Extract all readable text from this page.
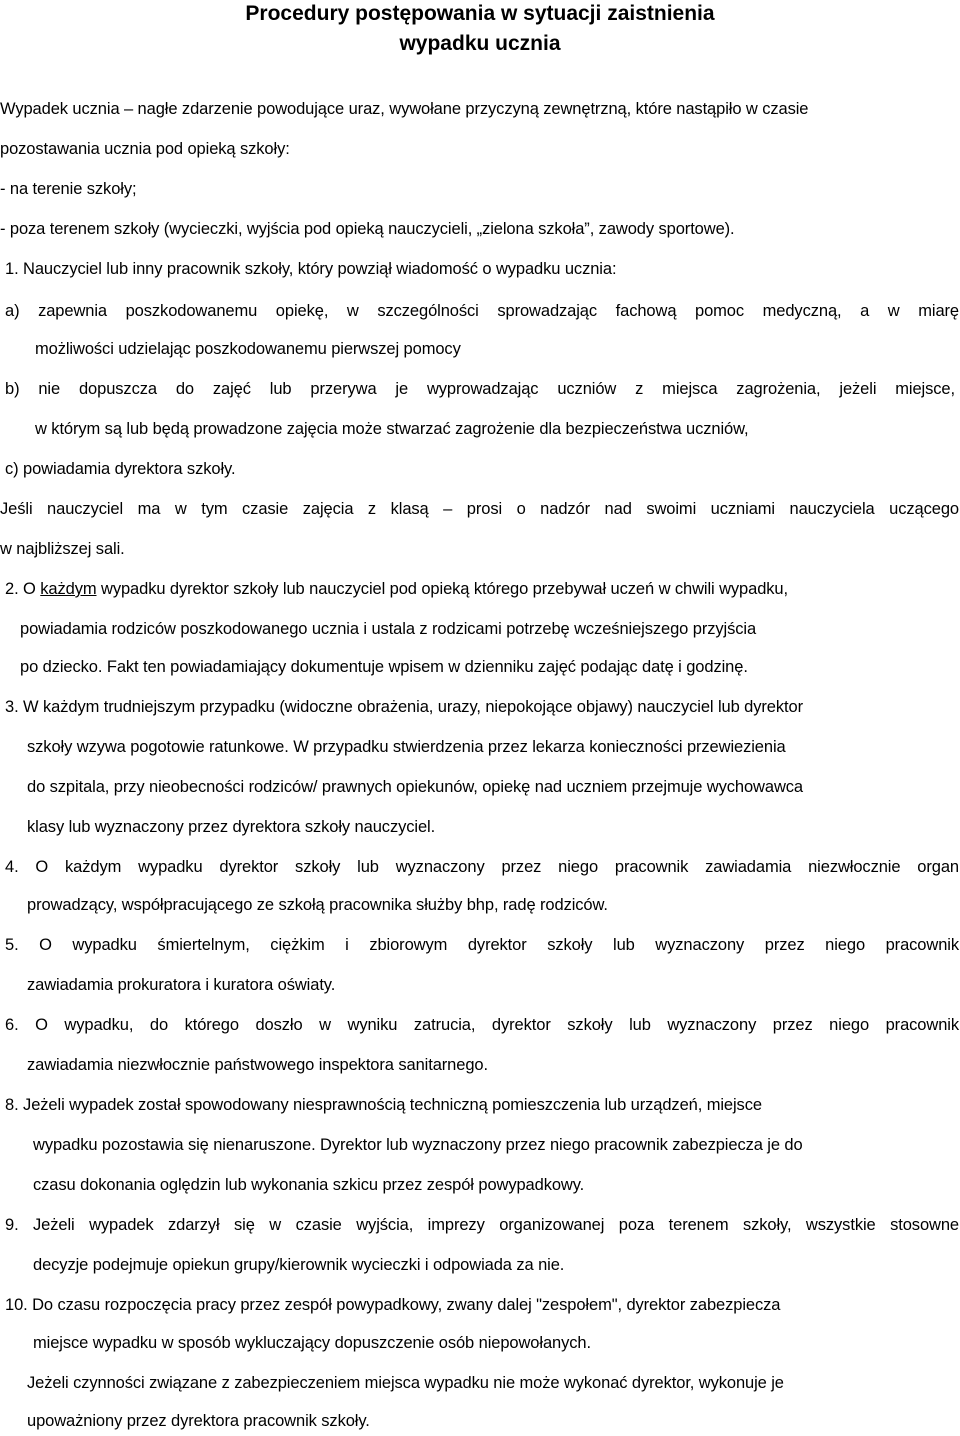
Procedury postępowania w sytuacji zaistnienia
wypadku ucznia
Wypadek ucznia – nagłe zdarzenie powodujące uraz, wywołane przyczyną zewnętrzną, które nastąpiło w czasie
pozostawania ucznia pod opieką szkoły:
- na terenie szkoły;
- poza terenem szkoły (wycieczki, wyjścia pod opieką nauczycieli, „zielona szkoła”, zawody sportowe).
1. Nauczyciel lub inny pracownik szkoły, który powziął wiadomość o wypadku ucznia:
a) zapewnia poszkodowanemu opiekę, w szczególności sprowadzając fachową pomoc medyczną, a w miarę
możliwości udzielając poszkodowanemu pierwszej pomocy
b) nie dopuszcza do zajęć lub przerywa je wyprowadzając uczniów z miejsca zagrożenia, jeżeli miejsce,
w którym są lub będą prowadzone zajęcia może stwarzać zagrożenie dla bezpieczeństwa uczniów,
c) powiadamia dyrektora szkoły.
Jeśli nauczyciel ma w tym czasie zajęcia z klasą – prosi o nadzór nad swoimi uczniami nauczyciela uczącego
w najbliższej sali.
2. O każdym wypadku dyrektor szkoły lub nauczyciel pod opieką którego przebywał uczeń w chwili wypadku,
powiadamia rodziców poszkodowanego ucznia i ustala z rodzicami potrzebę wcześniejszego przyjścia
po dziecko. Fakt ten powiadamiający dokumentuje wpisem w dzienniku zajęć podając datę i godzinę.
3. W każdym trudniejszym przypadku (widoczne obrażenia, urazy, niepokojące objawy) nauczyciel lub dyrektor
szkoły wzywa pogotowie ratunkowe. W przypadku stwierdzenia przez lekarza konieczności przewiezienia
do szpitala, przy nieobecności rodziców/ prawnych opiekunów, opiekę nad uczniem przejmuje wychowawca
klasy lub wyznaczony przez dyrektora szkoły nauczyciel.
4. O każdym wypadku dyrektor szkoły lub wyznaczony przez niego pracownik zawiadamia niezwłocznie organ
prowadzący, współpracującego ze szkołą pracownika służby bhp, radę rodziców.
5. O wypadku śmiertelnym, ciężkim i zbiorowym dyrektor szkoły lub wyznaczony przez niego pracownik
zawiadamia prokuratora i kuratora oświaty.
6. O wypadku, do którego doszło w wyniku zatrucia, dyrektor szkoły lub wyznaczony przez niego pracownik
zawiadamia niezwłocznie państwowego inspektora sanitarnego.
8. Jeżeli wypadek został spowodowany niesprawnością techniczną pomieszczenia lub urządzeń, miejsce
wypadku pozostawia się nienaruszone. Dyrektor lub wyznaczony przez niego pracownik zabezpiecza je do
czasu dokonania oględzin lub wykonania szkicu przez zespół powypadkowy.
9. Jeżeli wypadek zdarzył się w czasie wyjścia, imprezy organizowanej poza terenem szkoły, wszystkie stosowne
decyzje podejmuje opiekun grupy/kierownik wycieczki i odpowiada za nie.
10. Do czasu rozpoczęcia pracy przez zespół powypadkowy, zwany dalej "zespołem", dyrektor zabezpiecza
miejsce wypadku w sposób wykluczający dopuszczenie osób niepowołanych.
Jeżeli czynności związane z zabezpieczeniem miejsca wypadku nie może wykonać dyrektor, wykonuje je
upoważniony przez dyrektora pracownik szkoły.
